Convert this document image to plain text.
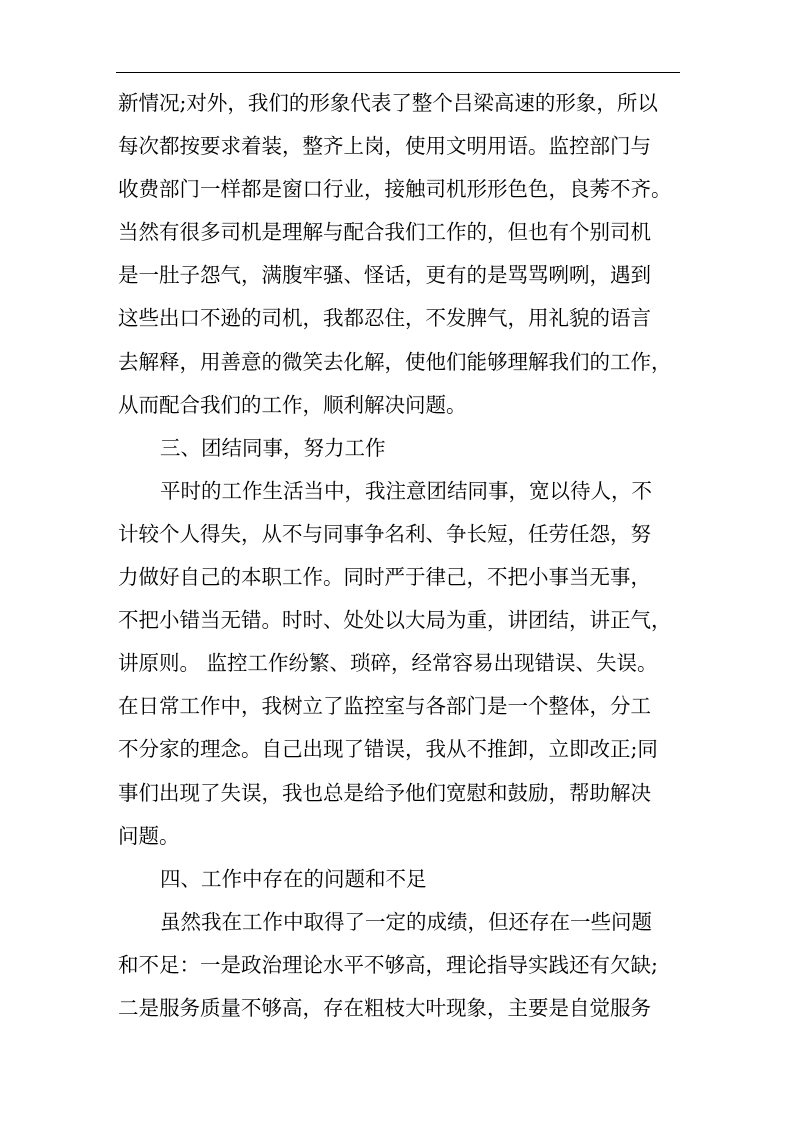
新情况;对外，我们的形象代表了整个吕梁高速的形象，所以
每次都按要求着装，整齐上岗，使用文明用语。监控部门与
收费部门一样都是窗口行业，接触司机形形色色，良莠不齐。
当然有很多司机是理解与配合我们工作的，但也有个别司机
是一肚子怨气，满腹牢骚、怪话，更有的是骂骂咧咧，遇到
这些出口不逊的司机，我都忍住，不发脾气，用礼貌的语言
去解释，用善意的微笑去化解，使他们能够理解我们的工作，
从而配合我们的工作，顺利解决问题。
三、团结同事，努力工作
平时的工作生活当中，我注意团结同事，宽以待人，不
计较个人得失，从不与同事争名利、争长短，任劳任怨，努
力做好自己的本职工作。同时严于律己，不把小事当无事，
不把小错当无错。时时、处处以大局为重，讲团结，讲正气，
讲原则。 监控工作纷繁、琐碎，经常容易出现错误、失误。
在日常工作中，我树立了监控室与各部门是一个整体，分工
不分家的理念。自己出现了错误，我从不推卸，立即改正;同
事们出现了失误，我也总是给予他们宽慰和鼓励，帮助解决
问题。
四、工作中存在的问题和不足
虽然我在工作中取得了一定的成绩，但还存在一些问题
和不足：一是政治理论水平不够高，理论指导实践还有欠缺;
二是服务质量不够高，存在粗枝大叶现象，主要是自觉服务
